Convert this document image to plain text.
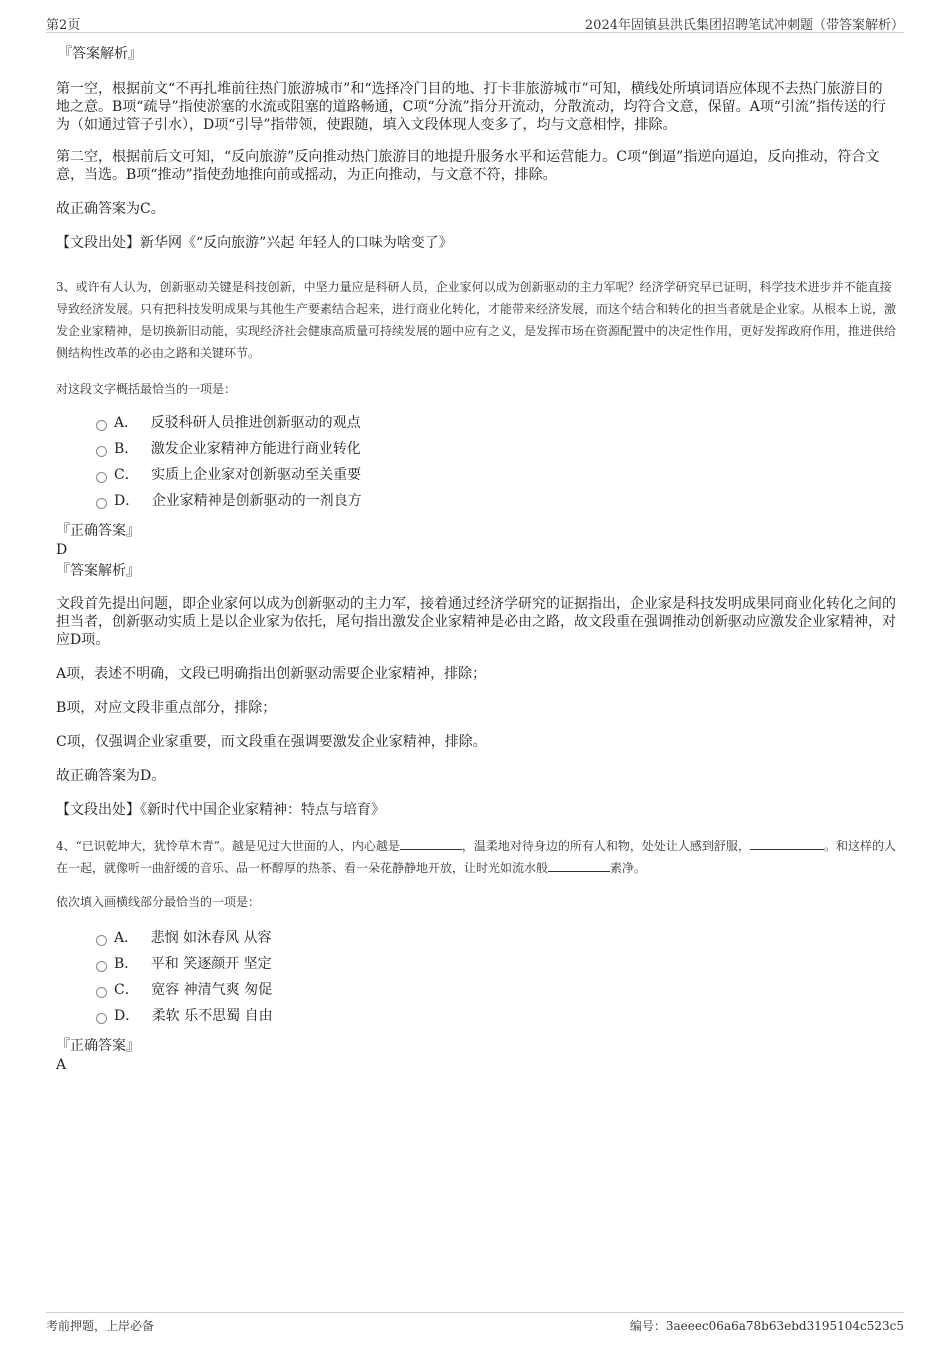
第2页	2024年固镇县洪氏集团招聘笔试冲刺题（带答案解析）

『答案解析』

第一空，根据前文“不再扎堆前往热门旅游城市”和“选择冷门目的地、打卡非旅游城市”可知，横线处所填词语应体现不去热门旅游目的地之意。B项“疏导”指使淤塞的水流或阻塞的道路畅通，C项“分流”指分开流动，分散流动，均符合文意，保留。A项“引流”指传送的行为（如通过管子引水），D项“引导”指带领，使跟随，填入文段体现人变多了，均与文意相悖，排除。

第二空，根据前后文可知，“反向旅游”反向推动热门旅游目的地提升服务水平和运营能力。C项“倒逼”指逆向逼迫，反向推动，符合文意，当选。B项“推动”指使劲地推向前或摇动，为正向推动，与文意不符，排除。

故正确答案为C。

【文段出处】新华网《“反向旅游”兴起 年轻人的口味为啥变了》

3、或许有人认为，创新驱动关键是科技创新，中坚力量应是科研人员，企业家何以成为创新驱动的主力军呢？经济学研究早已证明，科学技术进步并不能直接导致经济发展。只有把科技发明成果与其他生产要素结合起来，进行商业化转化，才能带来经济发展，而这个结合和转化的担当者就是企业家。从根本上说，激发企业家精神，是切换新旧动能，实现经济社会健康高质量可持续发展的题中应有之义，是发挥市场在资源配置中的决定性作用，更好发挥政府作用，推进供给侧结构性改革的必由之路和关键环节。

对这段文字概括最恰当的一项是：

A． 反驳科研人员推进创新驱动的观点
B． 激发企业家精神方能进行商业转化
C． 实质上企业家对创新驱动至关重要
D． 企业家精神是创新驱动的一剂良方

『正确答案』

D

『答案解析』

文段首先提出问题，即企业家何以成为创新驱动的主力军，接着通过经济学研究的证据指出，企业家是科技发明成果同商业化转化之间的担当者，创新驱动实质上是以企业家为依托，尾句指出激发企业家精神是必由之路，故文段重在强调推动创新驱动应激发企业家精神，对应D项。

A项，表述不明确，文段已明确指出创新驱动需要企业家精神，排除；

B项，对应文段非重点部分，排除；

C项，仅强调企业家重要，而文段重在强调要激发企业家精神，排除。

故正确答案为D。

【文段出处】《新时代中国企业家精神：特点与培育》

4、“已识乾坤大，犹怜草木青”。越是见过大世面的人，内心越是	，温柔地对待身边的所有人和物，处处让人感到舒服，	。和这样的人在一起，就像听一曲舒缓的音乐、品一杯醇厚的热茶、看一朵花静静地开放，让时光如流水般	素净。

依次填入画横线部分最恰当的一项是：

A． 悲悯 如沐春风 从容
B． 平和 笑逐颜开 坚定
C． 宽容 神清气爽 匆促
D． 柔软 乐不思蜀 自由

『正确答案』

A

考前押题，上岸必备	编号：3aeeec06a6a78b63ebd3195104c523c5
